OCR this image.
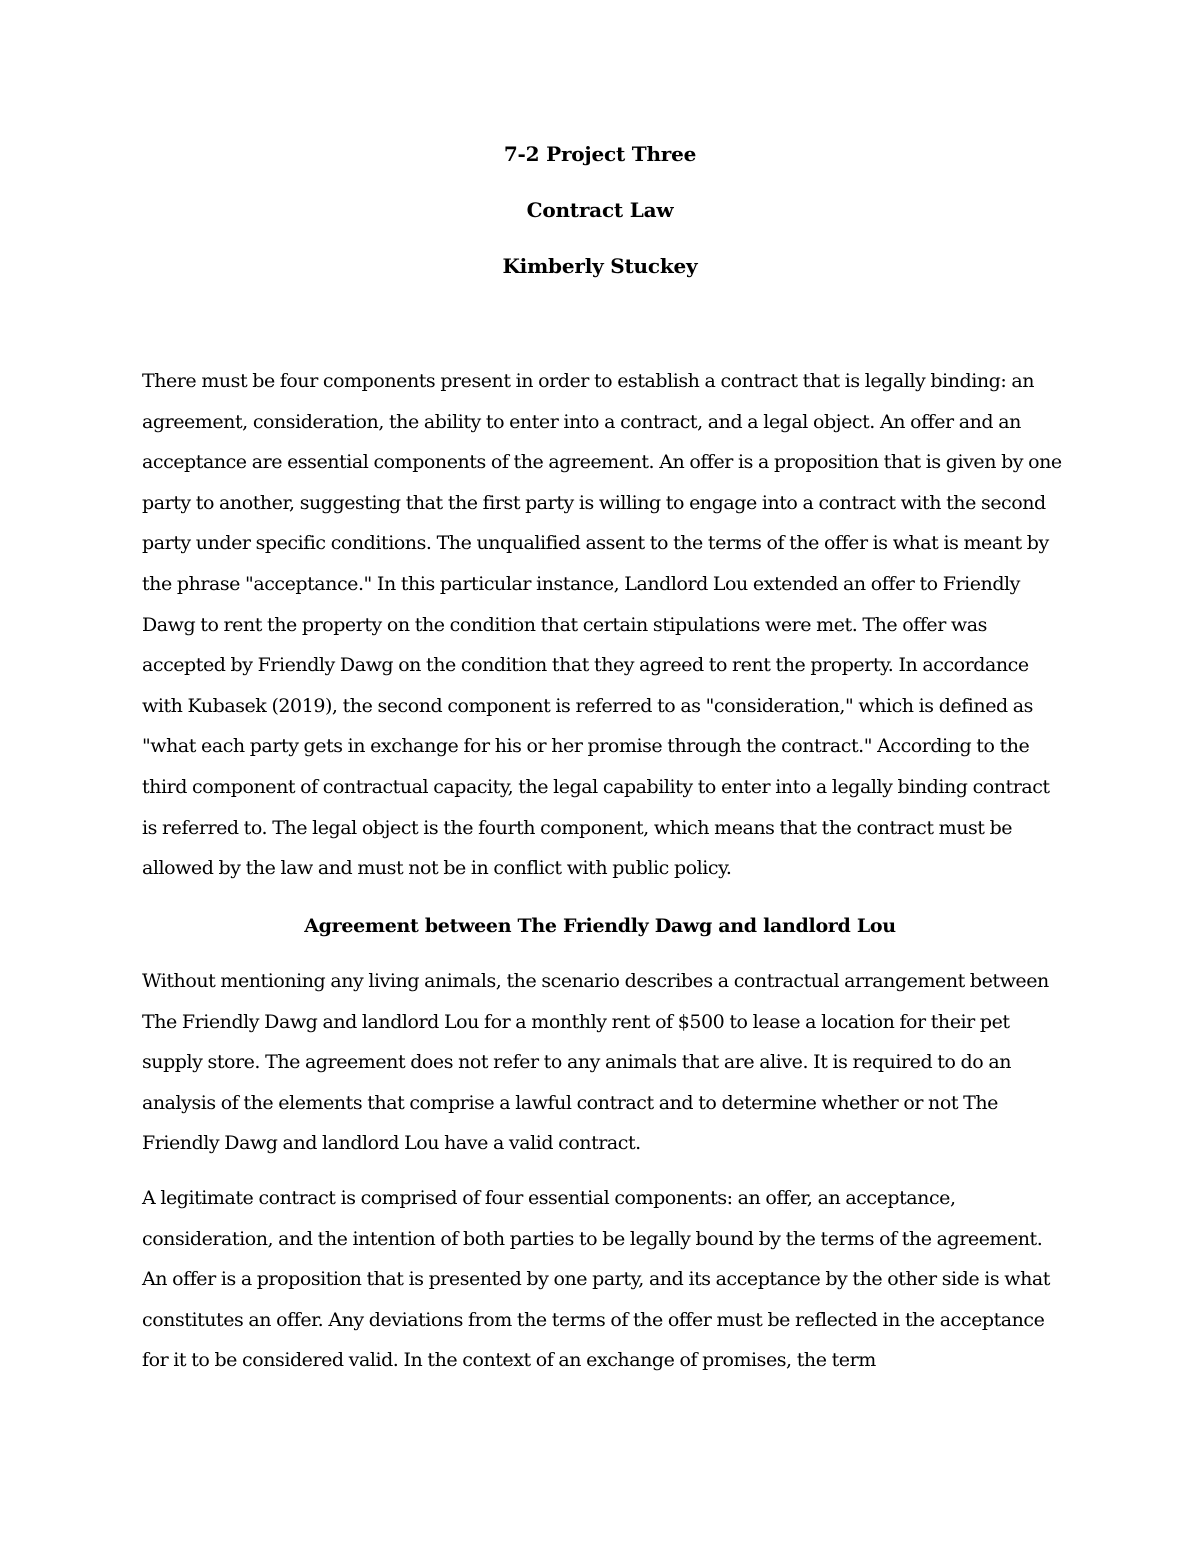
7-2 Project Three

Contract Law

Kimberly Stuckey

There must be four components present in order to establish a contract that is legally binding: an agreement, consideration, the ability to enter into a contract, and a legal object. An offer and an acceptance are essential components of the agreement. An offer is a proposition that is given by one party to another, suggesting that the first party is willing to engage into a contract with the second party under specific conditions. The unqualified assent to the terms of the offer is what is meant by the phrase "acceptance." In this particular instance, Landlord Lou extended an offer to Friendly Dawg to rent the property on the condition that certain stipulations were met. The offer was accepted by Friendly Dawg on the condition that they agreed to rent the property. In accordance with Kubasek (2019), the second component is referred to as "consideration," which is defined as "what each party gets in exchange for his or her promise through the contract." According to the third component of contractual capacity, the legal capability to enter into a legally binding contract is referred to. The legal object is the fourth component, which means that the contract must be allowed by the law and must not be in conflict with public policy.

Agreement between The Friendly Dawg and landlord Lou

Without mentioning any living animals, the scenario describes a contractual arrangement between The Friendly Dawg and landlord Lou for a monthly rent of $500 to lease a location for their pet supply store. The agreement does not refer to any animals that are alive. It is required to do an analysis of the elements that comprise a lawful contract and to determine whether or not The Friendly Dawg and landlord Lou have a valid contract.

A legitimate contract is comprised of four essential components: an offer, an acceptance, consideration, and the intention of both parties to be legally bound by the terms of the agreement. An offer is a proposition that is presented by one party, and its acceptance by the other side is what constitutes an offer. Any deviations from the terms of the offer must be reflected in the acceptance for it to be considered valid. In the context of an exchange of promises, the term
